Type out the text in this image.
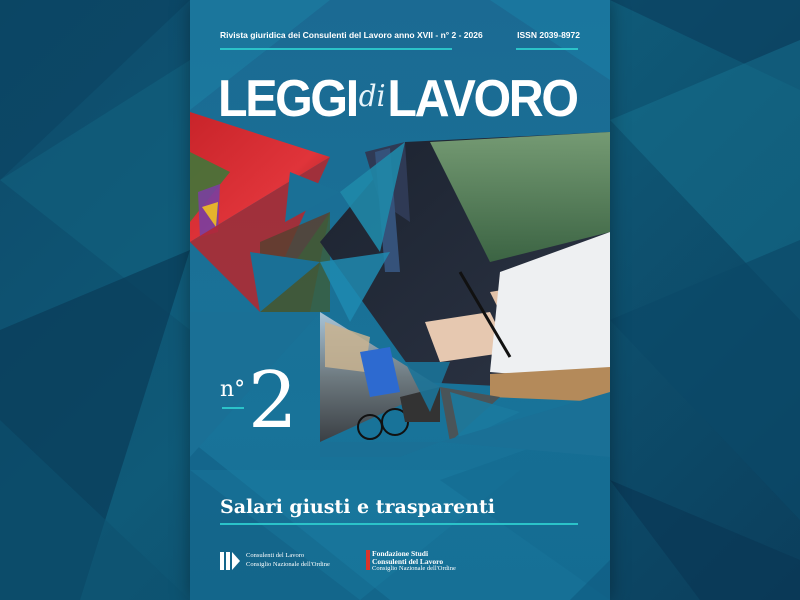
Rivista giuridica dei Consulenti del Lavoro anno XVII - n° 2 - 2026	ISSN 2039-8972
LEGGIdiLAVORO
n° 2
Salari giusti e trasparenti
Consulenti del Lavoro
Consiglio Nazionale dell'Ordine
Fondazione Studi
Consulenti del Lavoro
Consiglio Nazionale dell'Ordine
